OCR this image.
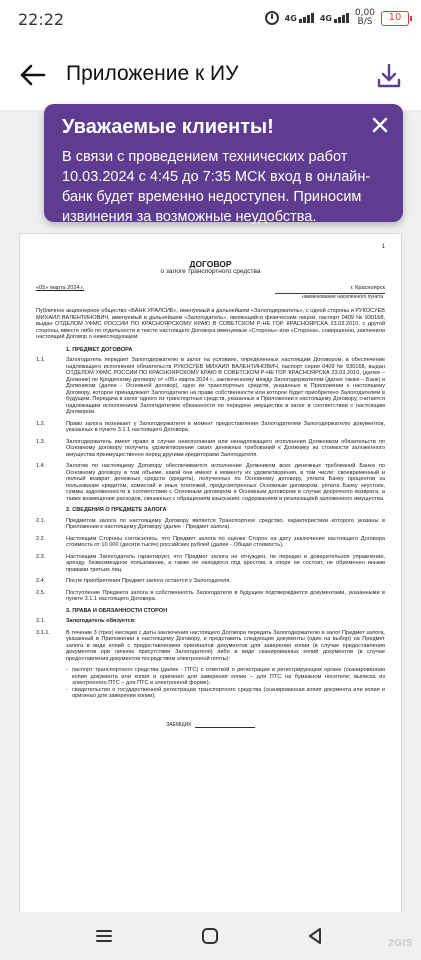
22:22	4G	4G
0,00
В/S	10
Приложение к ИУ
Уважаемые клиенты!
В связи с проведением технических работ 10.03.2024 с 4:45 до 7:35 МСК вход в онлайн-банк будет временно недоступен. Приносим извинения за возможные неудобства.
1
ДОГОВОР
о залоге транспортного средства
«05» марта 2024 г.	г. Красноярск
наименование населенного пункта
Публичное акционерное общество «БАНК УРАЛСИБ», именуемый в дальнейшем «Залогодержатель», с одной стороны и РУКОСУЕВ МИХАИЛ ВАЛЕНТИНОВИЧ, именуемый в дальнейшем «Залогодатель», являющийся физическим лицом, паспорт 0409 № 930168, выдан ОТДЕЛОМ УФМС РОССИИ ПО КРАСНОЯРСКОМУ КРАЮ В СОВЕТСКОМ Р-НЕ ГОР. КРАСНОЯРСКА 23.03.2010, с другой стороны, вместе либо по отдельности в тексте настоящего Договора именуемые «Стороны» или «Сторона», совершенно, заключили настоящий Договор о нижеследующем:
1. ПРЕДМЕТ ДОГОВОРА
1.1.	Залогодатель передает Залогодержателю в залог на условиях, определенных настоящим Договором, в обеспечение надлежащего исполнения обязательств РУКОСУЕВ МИХАИЛ ВАЛЕНТИНОВИЧ, паспорт серия 0409 № 930168, выдан ОТДЕЛОМ УФМС РОССИИ ПО КРАСНОЯРСКОМУ КРАЮ В СОВЕТСКОМ Р-НЕ ГОР. КРАСНОЯРСКА 23.03.2010, (далее – Должник) по Кредитному договору от «05» марта 2024 г., заключенному между Залогодержателем (далее также – Банк) и Должником (далее - Основной договор), одно из транспортных средств, указанных в Приложении к настоящему Договору, которое принадлежит Залогодателю на праве собственности или которое будет приобретено Залогодателем в будущем. Передача в залог одного из транспортных средств, указанных в Приложении к настоящему Договору, считается надлежащим исполнением Залогодателем обязанности по передаче имущества в залог в соответствии с настоящим Договором.
1.2.	Право залога возникает у Залогодержателя в момент предоставления Залогодателем Залогодержателю документов, указанных в пункте 3.1.1 настоящего Договора.
1.3.	Залогодержатель имеет право в случае неисполнения или ненадлежащего исполнения Должником обязательств по Основному договору получить удовлетворение своих денежных требований к Должнику из стоимости заложенного имущества преимущественно перед другими кредиторами Залогодателя.
1.4.	Залогом по настоящему Договору обеспечивается исполнение Должником всех денежных требований Банка по Основному договору в том объеме, какой они имеют к моменту их удовлетворения, в том числе: своевременный и полный возврат денежных средств (кредита), полученных по Основному договору, уплата Банку процентов за пользование кредитом, комиссий и иных платежей, предусмотренных Основным договором, уплата Банку неустоек, суммы задолженности в соответствии с Основным договором и Основным договором в случае досрочного возврата, а также возмещение расходов, связанных с обращением взыскания, содержанием и реализацией заложенного имущества.
2. СВЕДЕНИЯ О ПРЕДМЕТЕ ЗАЛОГА
2.1.	Предметом залога по настоящему Договору является Транспортное средство, характеристики которого указаны в Приложении к настоящему Договору (далее - Предмет залога).
2.2.	Настоящим Стороны согласились, что Предмет залога по оценке Сторон на дату заключения настоящего Договора стоимость от 10 000 (десяти тысяч) российских рублей (далее - Общая стоимость).
2.3.	Настоящим Залогодатель гарантирует, что Предмет залога не отчужден, не передан в доверительное управление, аренду, безвозмездное пользование, а также не находится под арестом, в споре не состоит, не обременен иными правами третьих лиц.
2.4.	После приобретения Предмет залога остается у Залогодателя.
2.5.	Поступление Предмета залога в собственность Залогодателя в будущем подтверждается документами, указанными в пункте 3.1.1 настоящего Договора.
3. ПРАВА И ОБЯЗАННОСТИ СТОРОН
3.1.	Залогодатель обязуется:
3.1.1.	В течение 3 (трех) месяцев с даты заключения настоящего Договора передать Залогодержателю в залог Предмет залога, указанный в Приложении к настоящему Договору, и представить следующие документы (один на выбор) на Предмет залога в виде копий с предоставлением оригиналов документов для заверения копии (в случае предоставления документов при личном присутствии Залогодателя) либо в виде сканированных копий документов (в случае предоставления документов посредством электронной почты):
- паспорт транспортного средства (далее - ПТС) с отметкой о регистрации в регистрирующем органе (сканированная копия документа или копия и оригинал для заверения копии – для ПТС на бумажном носителе; выписка из электронного ПТС – для ПТС в электронной форме);
- свидетельство о государственной регистрации транспортного средства (сканированная копия документа или копия и оригинал для заверения копии);
ЗАЕМЩИК
2GIS
